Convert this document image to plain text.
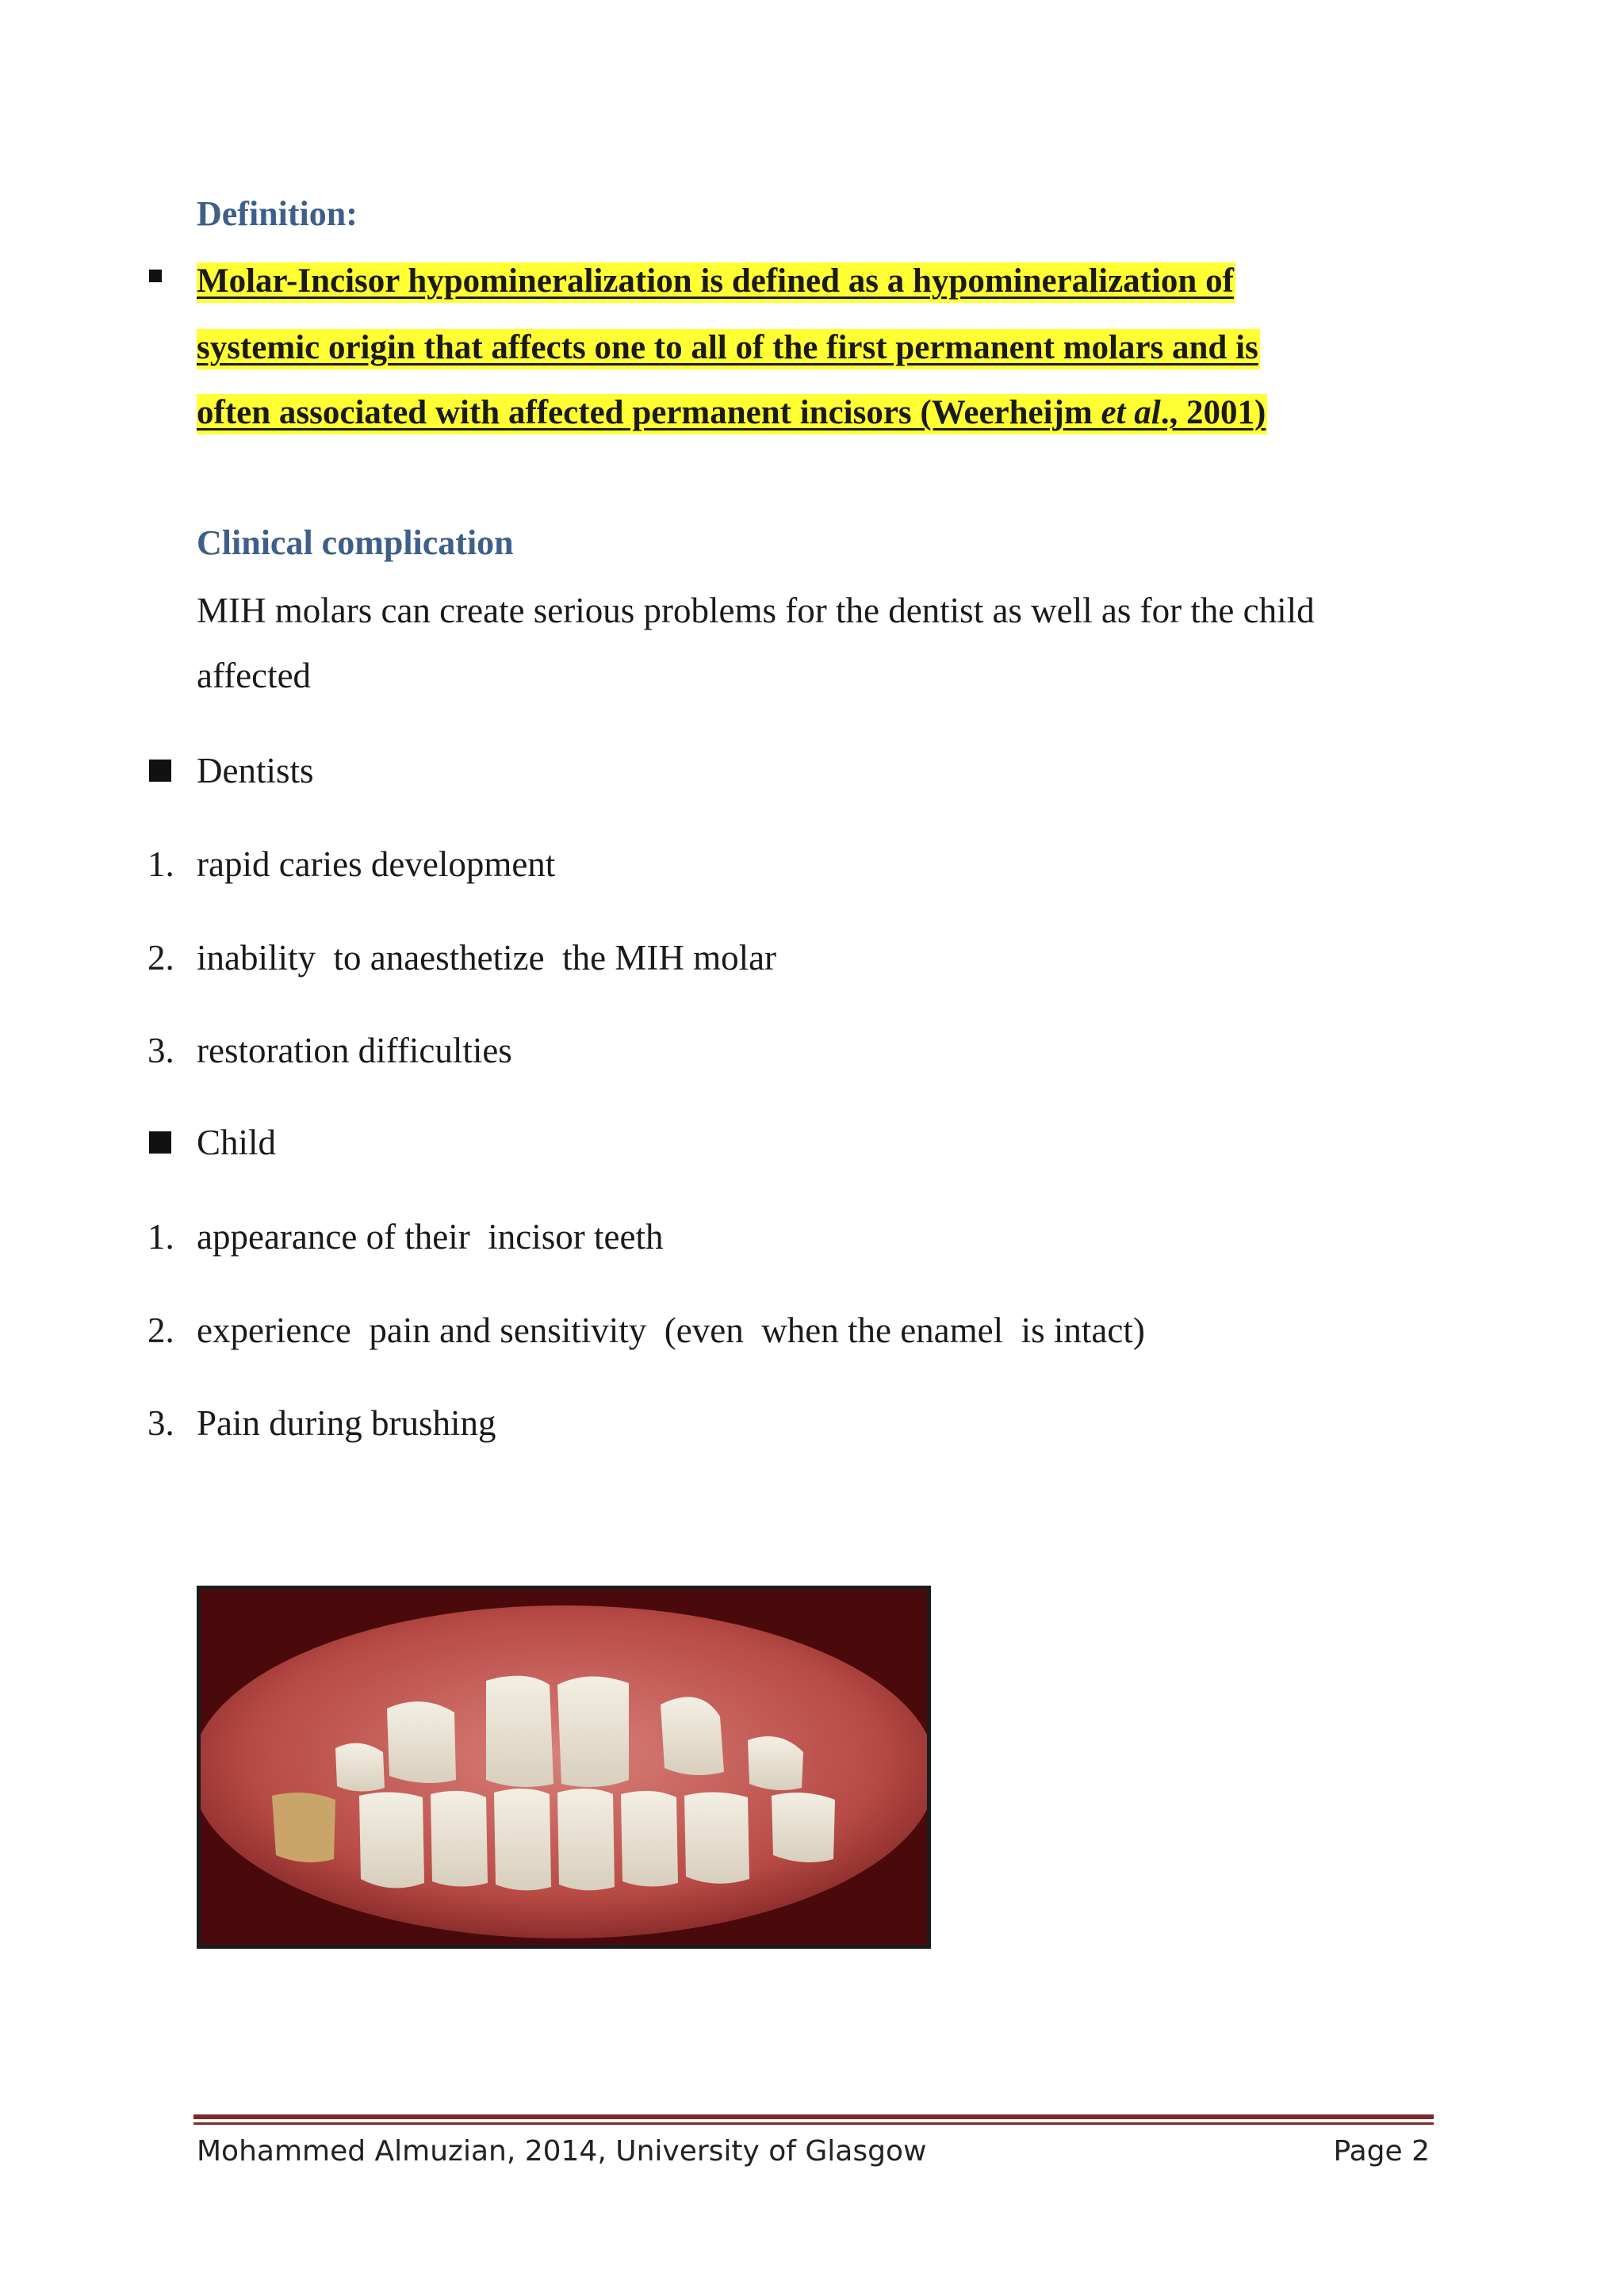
Definition:
Molar-Incisor hypomineralization is defined as a hypomineralization of
systemic origin that affects one to all of the first permanent molars and is
often associated with affected permanent incisors (Weerheijm et al., 2001)
Clinical complication
MIH molars can create serious problems for the dentist as well as for the child
affected
Dentists
1. rapid caries development
2. inability  to anaesthetize  the MIH molar
3. restoration difficulties
Child
1. appearance of their  incisor teeth
2. experience  pain and sensitivity  (even  when the enamel  is intact)
3. Pain during brushing
Mohammed Almuzian, 2014, University of Glasgow	Page 2
